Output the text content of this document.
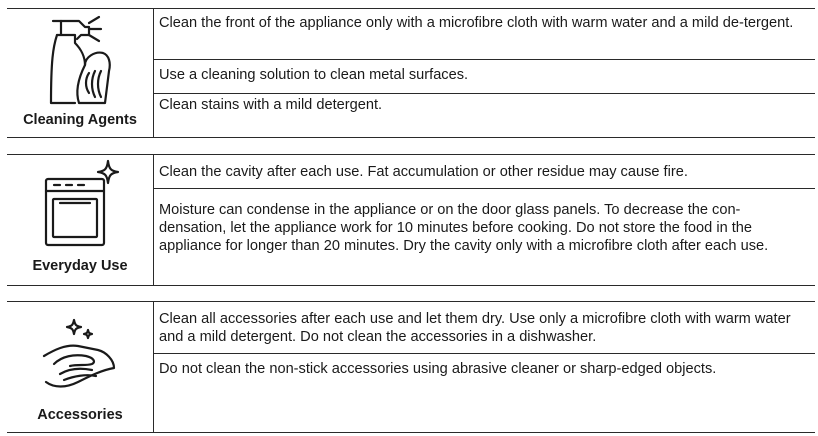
Cleaning Agents
Clean the front of the appliance only with a microfibre cloth with warm water and a mild de-tergent.
Use a cleaning solution to clean metal surfaces.
Clean stains with a mild detergent.
Everyday Use
Clean the cavity after each use. Fat accumulation or other residue may cause fire.
Moisture can condense in the appliance or on the door glass panels. To decrease the con-densation, let the appliance work for 10 minutes before cooking. Do not store the food in the appliance for longer than 20 minutes. Dry the cavity only with a microfibre cloth after each use.
Accessories
Clean all accessories after each use and let them dry. Use only a microfibre cloth with warm water and a mild detergent. Do not clean the accessories in a dishwasher.
Do not clean the non-stick accessories using abrasive cleaner or sharp-edged objects.
